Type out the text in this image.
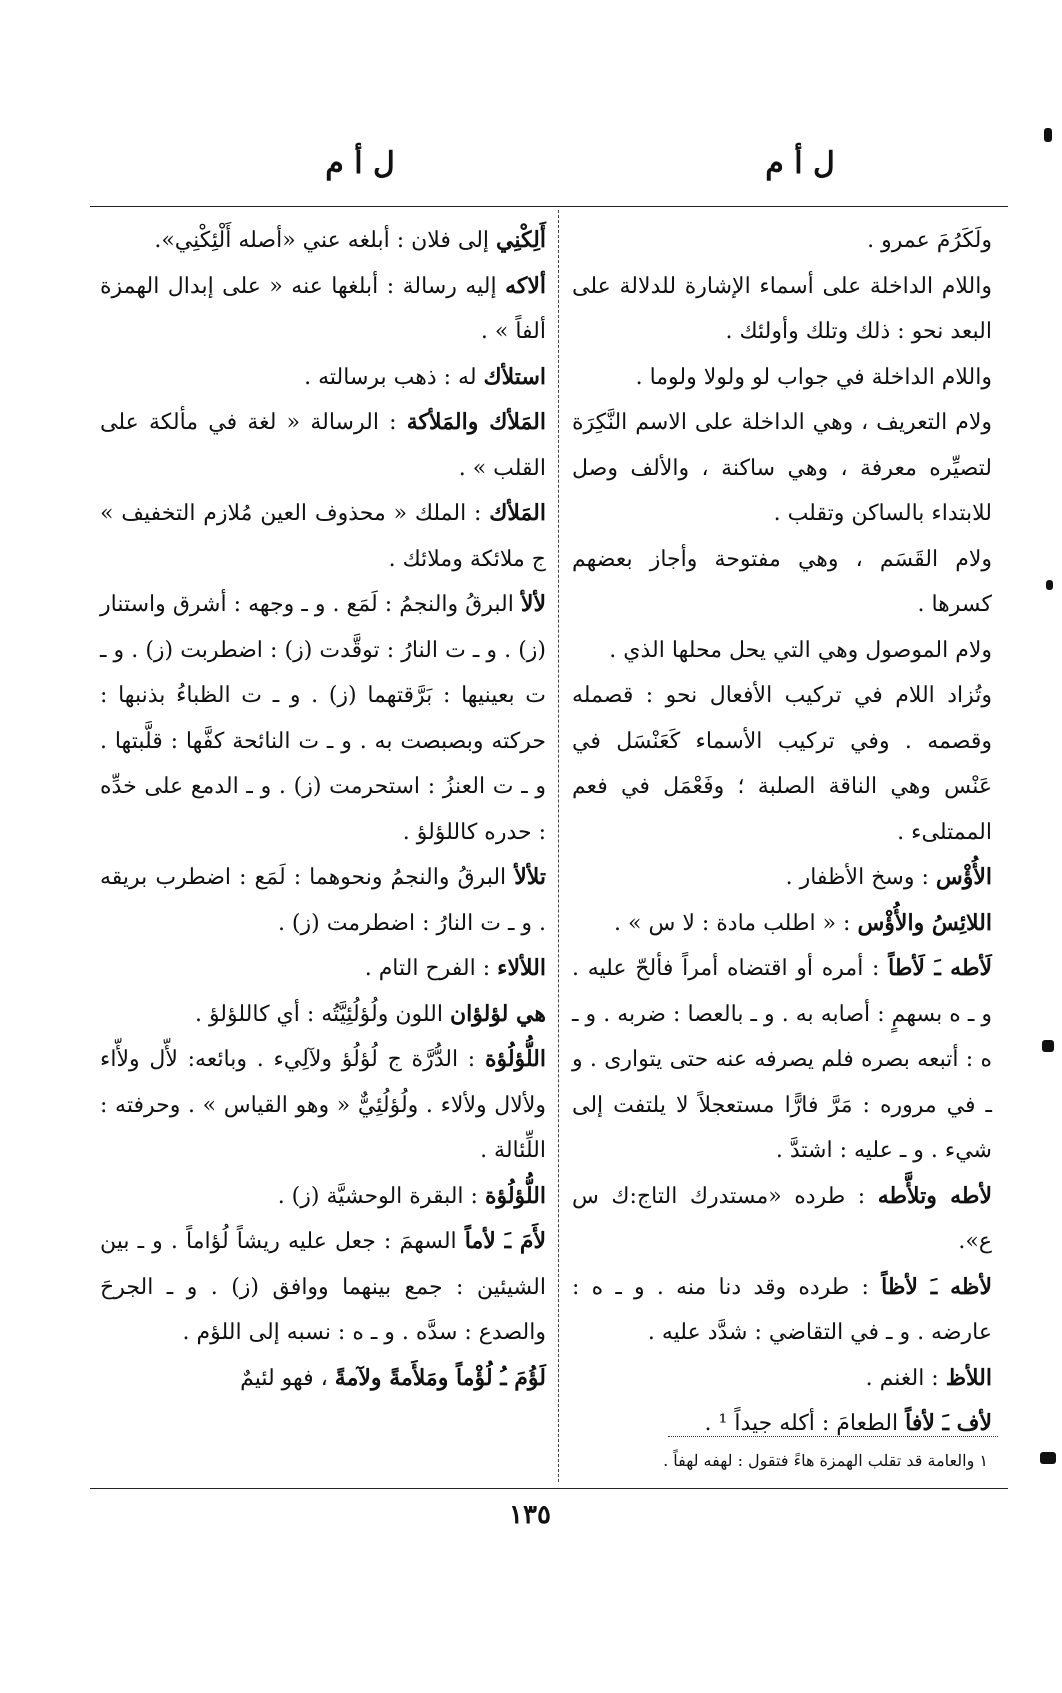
ل أ م
ل أ م

ولَكَرُمَ عمرو .

واللام الداخلة على أسماء الإشارة للدلالة على البعد نحو : ذلك وتلك وأولئك .

واللام الداخلة في جواب لو ولولا ولوما .

ولام التعريف ، وهي الداخلة على الاسم النَّكِرَة لتصيِّره معرفة ، وهي ساكنة ، والألف وصل للابتداء بالساكن وتقلب .

ولام القَسَم ، وهي مفتوحة وأجاز بعضهم كسرها .

ولام الموصول وهي التي يحل محلها الذي .

وتُزاد اللام في تركيب الأفعال نحو : قصمله وقصمه . وفي تركيب الأسماء كَعَنْسَل في عَنْس وهي الناقة الصلبة ؛ وفَعْمَل في فعم الممتلىء .

الأُؤْس : وسخ الأظفار .

اللائِسُ والأُؤْس : « اطلب مادة : لا س » .

لَأطه ـَ لَأطاً : أمره أو اقتضاه أمراً فألحّ عليه . و ـ ه بسهمٍ : أصابه به . و ـ بالعصا : ضربه . و ـ ه : أتبعه بصره فلم يصرفه عنه حتى يتوارى . و ـ في مروره : مَرَّ فارًّا مستعجلاً لا يلتفت إلى شيء . و ـ عليه : اشتدَّ .

لأطه وتلأَّطه : طرده «مستدرك التاج:ك س ع».

لأظه ـَ لأظاً : طرده وقد دنا منه . و ـ ه : عارضه . و ـ في التقاضي : شدَّد عليه .

اللأظ : الغنم .

لأف ـَ لأفاً الطعامَ : أكله جيداً ¹ .

أَلِكْنِي إلى فلان : أبلغه عني «أصله أَلْئِكْنِي».

ألاكه إليه رسالة : أبلغها عنه « على إبدال الهمزة ألفاً » .

استلأك له : ذهب برسالته .

المَلأك والمَلأكة : الرسالة « لغة في مألكة على القلب » .

المَلأك : الملك « محذوف العين مُلازم التخفيف » ج ملائكة وملائك .

لألأ البرقُ والنجمُ : لَمَع . و ـ وجهه : أشرق واستنار (ز) . و ـ ت النارُ : توقَّدت (ز) : اضطربت (ز) . و ـ ت بعينيها : بَرَّقتهما (ز) . و ـ ت الظباءُ بذنبها : حركته وبصبصت به . و ـ ت النائحة كفَّها : قلَّبتها . و ـ ت العنزُ : استحرمت (ز) . و ـ الدمع على خدِّه : حدره كاللؤلؤ .

تلألأ البرقُ والنجمُ ونحوهما : لَمَع : اضطرب بريقه . و ـ ت النارُ : اضطرمت (ز) .

اللألاء : الفرح التام .

هي لؤلؤان اللون ولُؤلُئِيَّتُه : أي كاللؤلؤ .

اللُّؤلُؤة : الدُّرَّة ج لُؤلُؤ ولآلِيء . وبائعه: لأّل ولأّاء ولألال ولألاء . ولُؤلُئِيٌّ « وهو القياس » . وحرفته : اللِّئالة .

اللُّؤلُؤة : البقرة الوحشيَّة (ز) .

لأَمَ ـَ لأماً السهمَ : جعل عليه ريشاً لُؤاماً . و ـ بين الشيئين : جمع بينهما ووافق (ز) . و ـ الجرحَ والصدع : سدَّه . و ـ ه : نسبه إلى اللؤم .

لَؤُمَ ـُ لُؤْماً ومَلأَمةً ولآمةً ، فهو لئيمٌ

١ والعامة قد تقلب الهمزة هاءً فتقول : لهفه لهفاً .
١٣٥
